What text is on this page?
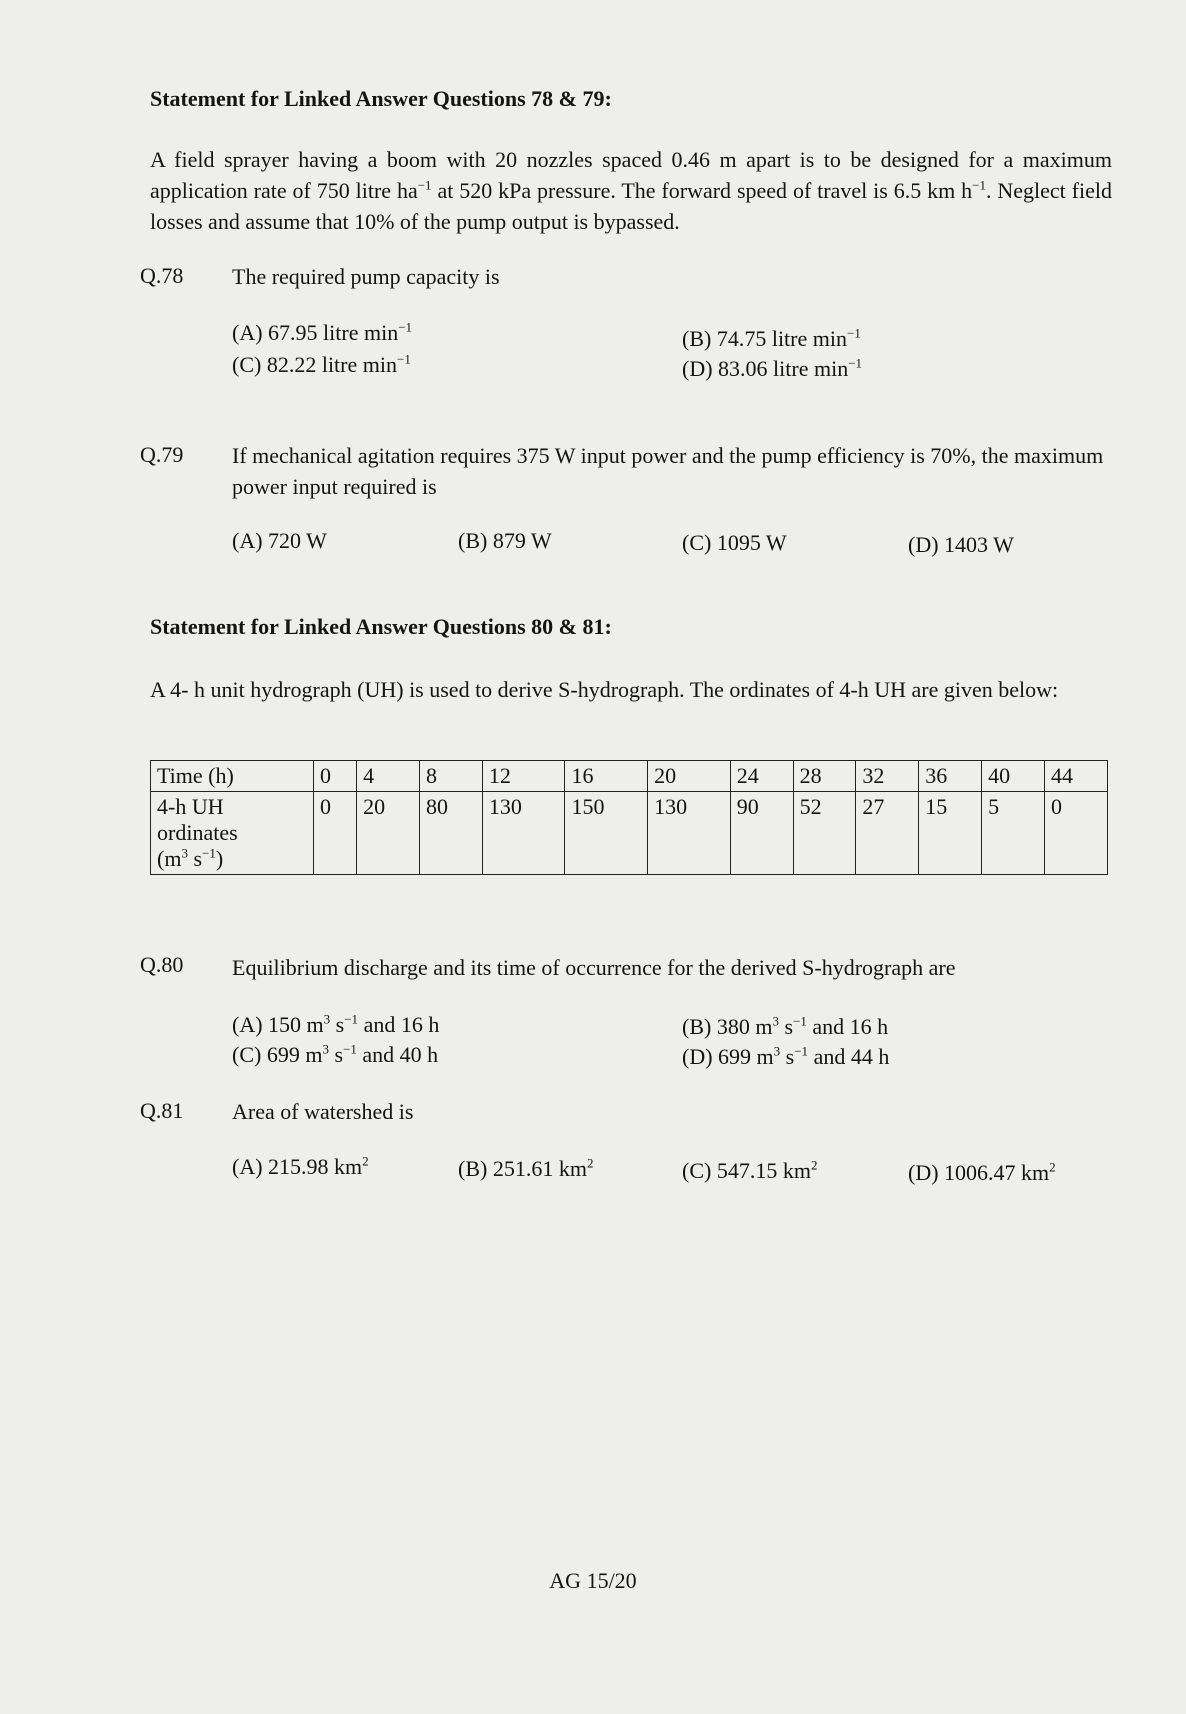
Statement for Linked Answer Questions 78 & 79:
A field sprayer having a boom with 20 nozzles spaced 0.46 m apart is to be designed for a maximum application rate of 750 litre $ha^{-1}$ at 520 kPa pressure. The forward speed of travel is 6.5 km $h^{-1}$. Neglect field losses and assume that 10% of the pump output is bypassed.
Q.78 The required pump capacity is
(A) 67.95 litre $\min^{-1}$	(B) 74.75 litre $\min^{-1}$
(C) 82.22 litre $\min^{-1}$	(D) 83.06 litre $\min^{-1}$
Q.79 If mechanical agitation requires 375 W input power and the pump efficiency is 70%, the maximum power input required is
(A) 720 W	(B) 879 W	(C) 1095 W	(D) 1403 W
Statement for Linked Answer Questions 80 & 81:
A 4- h unit hydrograph (UH) is used to derive S-hydrograph. The ordinates of 4-h UH are given below:
Time (h)	0	4	8	12	16	20	24	28	32	36	40	44
4-h UH
ordinates
($m^3$ $s^{-1}$)	0	20	80	130	150	130	90	52	27	15	5	0
Q.80 Equilibrium discharge and its time of occurrence for the derived S-hydrograph are
(A) 150 $m^3$ $s^{-1}$ and 16 h	(B) 380 $m^3$ $s^{-1}$ and 16 h
(C) 699 $m^3$ $s^{-1}$ and 40 h	(D) 699 $m^3$ $s^{-1}$ and 44 h
Q.81 Area of watershed is
(A) 215.98 $km^2$	(B) 251.61 $km^2$	(C) 547.15 $km^2$	(D) 1006.47 $km^2$
AG 15/20
